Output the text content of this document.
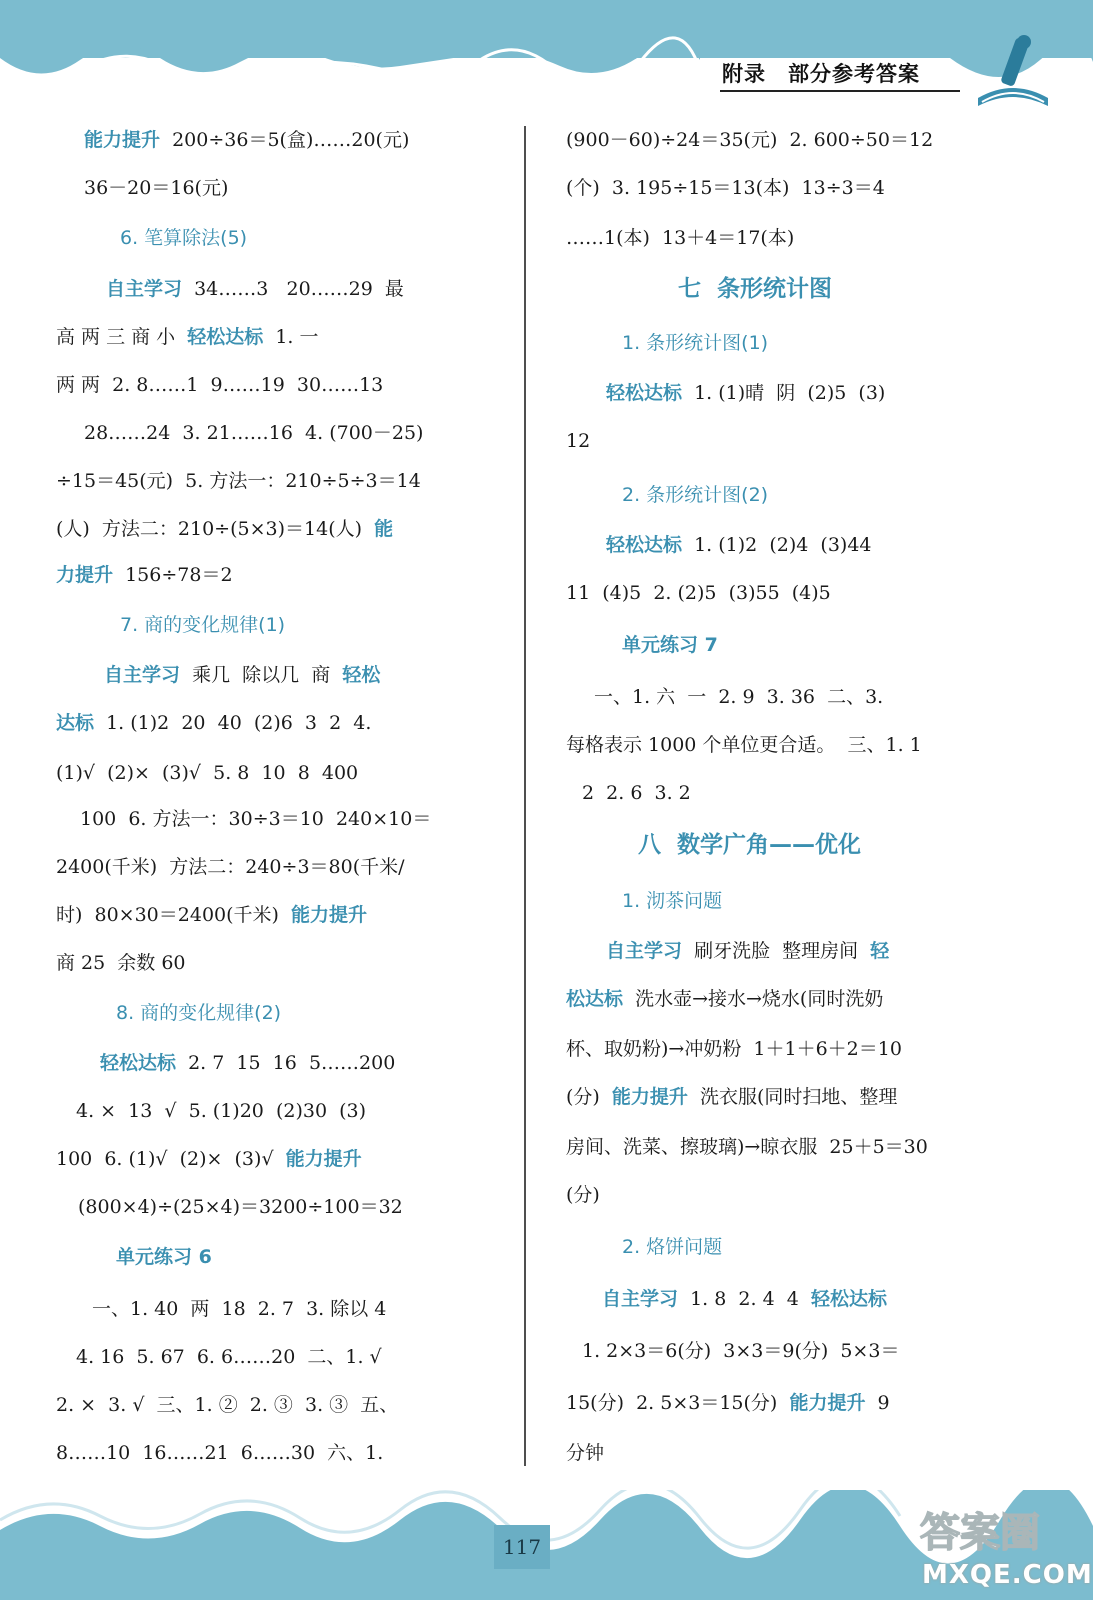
附录 部分参考答案
能力提升  200÷36＝5(盒)……20(元)
36－20＝16(元)
6. 笔算除法(5)
自主学习  34……3   20……29  最
高 两 三 商 小  轻松达标  1. 一
两 两  2. 8……1  9……19  30……13
28……24  3. 21……16  4. (700－25)
÷15＝45(元)  5. 方法一：210÷5÷3＝14
(人)  方法二：210÷(5×3)＝14(人)  能
力提升  156÷78＝2
7. 商的变化规律(1)
自主学习  乘几  除以几  商  轻松
达标  1. (1)2  20  40  (2)6  3  2  4.
(1)√  (2)×  (3)√  5. 8  10  8  400
100  6. 方法一：30÷3＝10  240×10＝
2400(千米)  方法二：240÷3＝80(千米/
时)  80×30＝2400(千米)  能力提升
商 25  余数 60
8. 商的变化规律(2)
轻松达标  2. 7  15  16  5……200
4. ×  13  √  5. (1)20  (2)30  (3)
100  6. (1)√  (2)×  (3)√  能力提升
(800×4)÷(25×4)＝3200÷100＝32
单元练习 6
一、1. 40  两  18  2. 7  3. 除以 4
4. 16  5. 67  6. 6……20  二、1. √
2. ×  3. √  三、1. ②  2. ③  3. ③  五、
8……10  16……21  6……30  六、1.
(900－60)÷24＝35(元)  2. 600÷50＝12
(个)  3. 195÷15＝13(本)  13÷3＝4
……1(本)  13＋4＝17(本)
七  条形统计图
1. 条形统计图(1)
轻松达标  1. (1)晴  阴  (2)5  (3)
12
2. 条形统计图(2)
轻松达标  1. (1)2  (2)4  (3)44
11  (4)5  2. (2)5  (3)55  (4)5
单元练习 7
一、1. 六  一  2. 9  3. 36  二、3.
每格表示 1000 个单位更合适。  三、1. 1
2  2. 6  3. 2
八  数学广角——优化
1. 沏茶问题
自主学习  刷牙洗脸  整理房间  轻
松达标  洗水壶→接水→烧水(同时洗奶
杯、取奶粉)→冲奶粉  1＋1＋6＋2＝10
(分)  能力提升  洗衣服(同时扫地、整理
房间、洗菜、擦玻璃)→晾衣服  25＋5＝30
(分)
2. 烙饼问题
自主学习  1. 8  2. 4  4  轻松达标
1. 2×3＝6(分)  3×3＝9(分)  5×3＝
15(分)  2. 5×3＝15(分)  能力提升  9
分钟
117	答案圈
MXQE.COM
